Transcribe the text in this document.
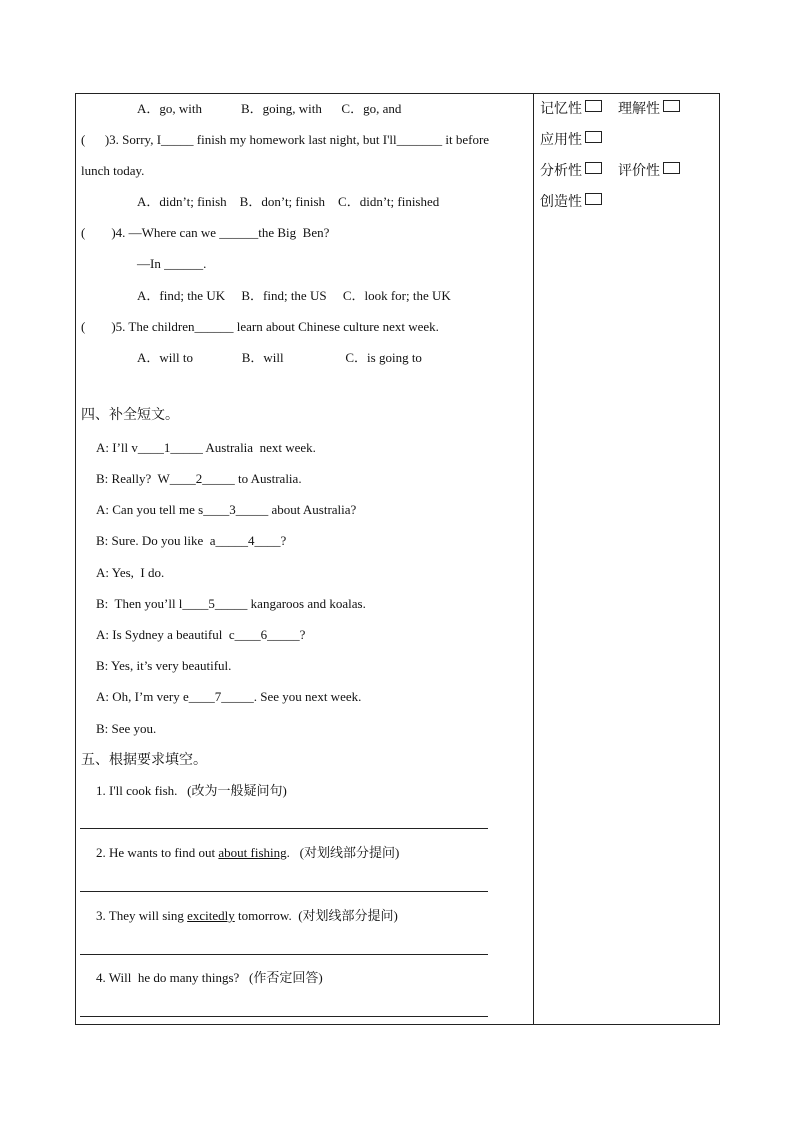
A．go, with            B．going, with      C．go, and
(      )3. Sorry, I_____ finish my homework last night, but I'll_______ it before
lunch today.
A．didn’t; finish    B．don’t; finish    C．didn’t; finished
(        )4. —Where can we ______the Big  Ben?
—In ______.
A．find; the UK     B．find; the US     C．look for; the UK
(        )5. The children______ learn about Chinese culture next week.
A．will to               B．will                   C．is going to
四、补全短文。
A: I’ll v____1_____ Australia  next week.
B: Really?  W____2_____ to Australia.
A: Can you tell me s____3_____ about Australia?
B: Sure. Do you like  a_____4____?
A: Yes,  I do.
B:  Then you’ll l____5_____ kangaroos and koalas.
A: Is Sydney a beautiful  c____6_____?
B: Yes, it’s very beautiful.
A: Oh, I’m very e____7_____. See you next week.
B: See you.
五、根据要求填空。
1. I'll cook fish.   (改为一般疑问句)
2. He wants to find out about fishing.   (对划线部分提问)
3. They will sing excitedly tomorrow.  (对划线部分提问)
4. Will  he do many things?   (作否定回答)
记忆性	理解性
应用性
分析性	评价性
创造性
